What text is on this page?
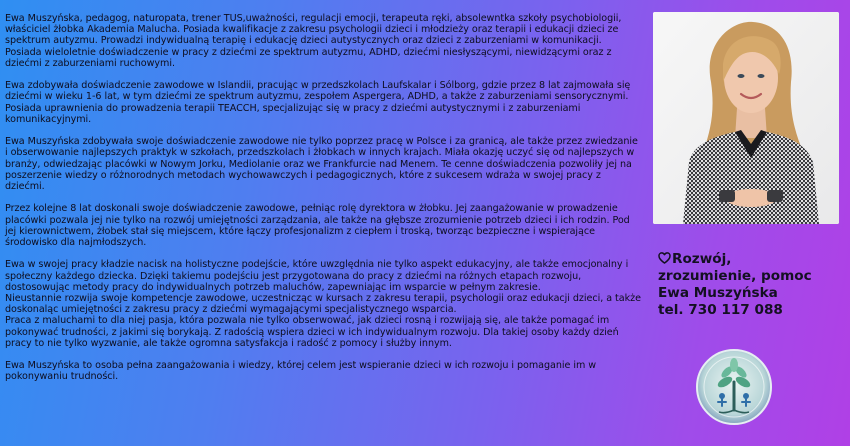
Ewa Muszyńska, pedagog, naturopata, trener TUS,uważności, regulacji emocji, terapeuta ręki, absolewntka szkoły psychobiologii, właściciel żłobka Akademia Malucha. Posiada kwalifikacje z zakresu psychologii dzieci i młodzieży oraz terapii i edukacji dzieci ze spektrum autyzmu. Prowadzi indywidualną terapię i edukację dzieci autystycznych oraz dzieci z zaburzeniami w komunikacji. Posiada wieloletnie doświadczenie w pracy z dziećmi ze spektrum autyzmu, ADHD, dziećmi niesłyszącymi, niewidzącymi oraz z dziećmi z zaburzeniami ruchowymi.

Ewa zdobywała doświadczenie zawodowe w Islandii, pracując w przedszkolach Laufskalar i Sólborg, gdzie przez 8 lat zajmowała się dziećmi w wieku 1-6 lat, w tym dziećmi ze spektrum autyzmu, zespołem Aspergera, ADHD, a także z zaburzeniami sensorycznymi. Posiada uprawnienia do prowadzenia terapii TEACCH, specjalizując się w pracy z dziećmi autystycznymi i z zaburzeniami komunikacyjnymi.

Ewa Muszyńska zdobywała swoje doświadczenie zawodowe nie tylko poprzez pracę w Polsce i za granicą, ale także przez zwiedzanie i obserwowanie najlepszych praktyk w szkołach, przedszkolach i żłobkach w innych krajach. Miała okazję uczyć się od najlepszych w branży, odwiedzając placówki w Nowym Jorku, Mediolanie oraz we Frankfurcie nad Menem. Te cenne doświadczenia pozwoliły jej na poszerzenie wiedzy o różnorodnych metodach wychowawczych i pedagogicznych, które z sukcesem wdraża w swojej pracy z dziećmi.

Przez kolejne 8 lat doskonali swoje doświadczenie zawodowe, pełniąc rolę dyrektora w żłobku. Jej zaangażowanie w prowadzenie placówki pozwala jej nie tylko na rozwój umiejętności zarządzania, ale także na głębsze zrozumienie potrzeb dzieci i ich rodzin. Pod jej kierownictwem, żłobek stał się miejscem, które łączy profesjonalizm z ciepłem i troską, tworząc bezpieczne i wspierające środowisko dla najmłodszych.

Ewa w swojej pracy kładzie nacisk na holistyczne podejście, które uwzględnia nie tylko aspekt edukacyjny, ale także emocjonalny i społeczny każdego dziecka. Dzięki takiemu podejściu jest przygotowana do pracy z dziećmi na różnych etapach rozwoju, dostosowując metody pracy do indywidualnych potrzeb maluchów, zapewniając im wsparcie w pełnym zakresie.
Nieustannie rozwija swoje kompetencje zawodowe, uczestnicząc w kursach z zakresu terapii, psychologii oraz edukacji dzieci, a także doskonaląc umiejętności z zakresu pracy z dziećmi wymagającymi specjalistycznego wsparcia.
Praca z maluchami to dla niej pasja, która pozwala nie tylko obserwować, jak dzieci rosną i rozwijają się, ale także pomagać im pokonywać trudności, z jakimi się borykają. Z radością wspiera dzieci w ich indywidualnym rozwoju. Dla takiej osoby każdy dzień pracy to nie tylko wyzwanie, ale także ogromna satysfakcja i radość z pomocy i służby innym.

Ewa Muszyńska to osoba pełna zaangażowania i wiedzy, której celem jest wspieranie dzieci w ich rozwoju i pomaganie im w pokonywaniu trudności.

Rozwój,
zrozumienie, pomoc
Ewa Muszyńska
tel. 730 117 088
